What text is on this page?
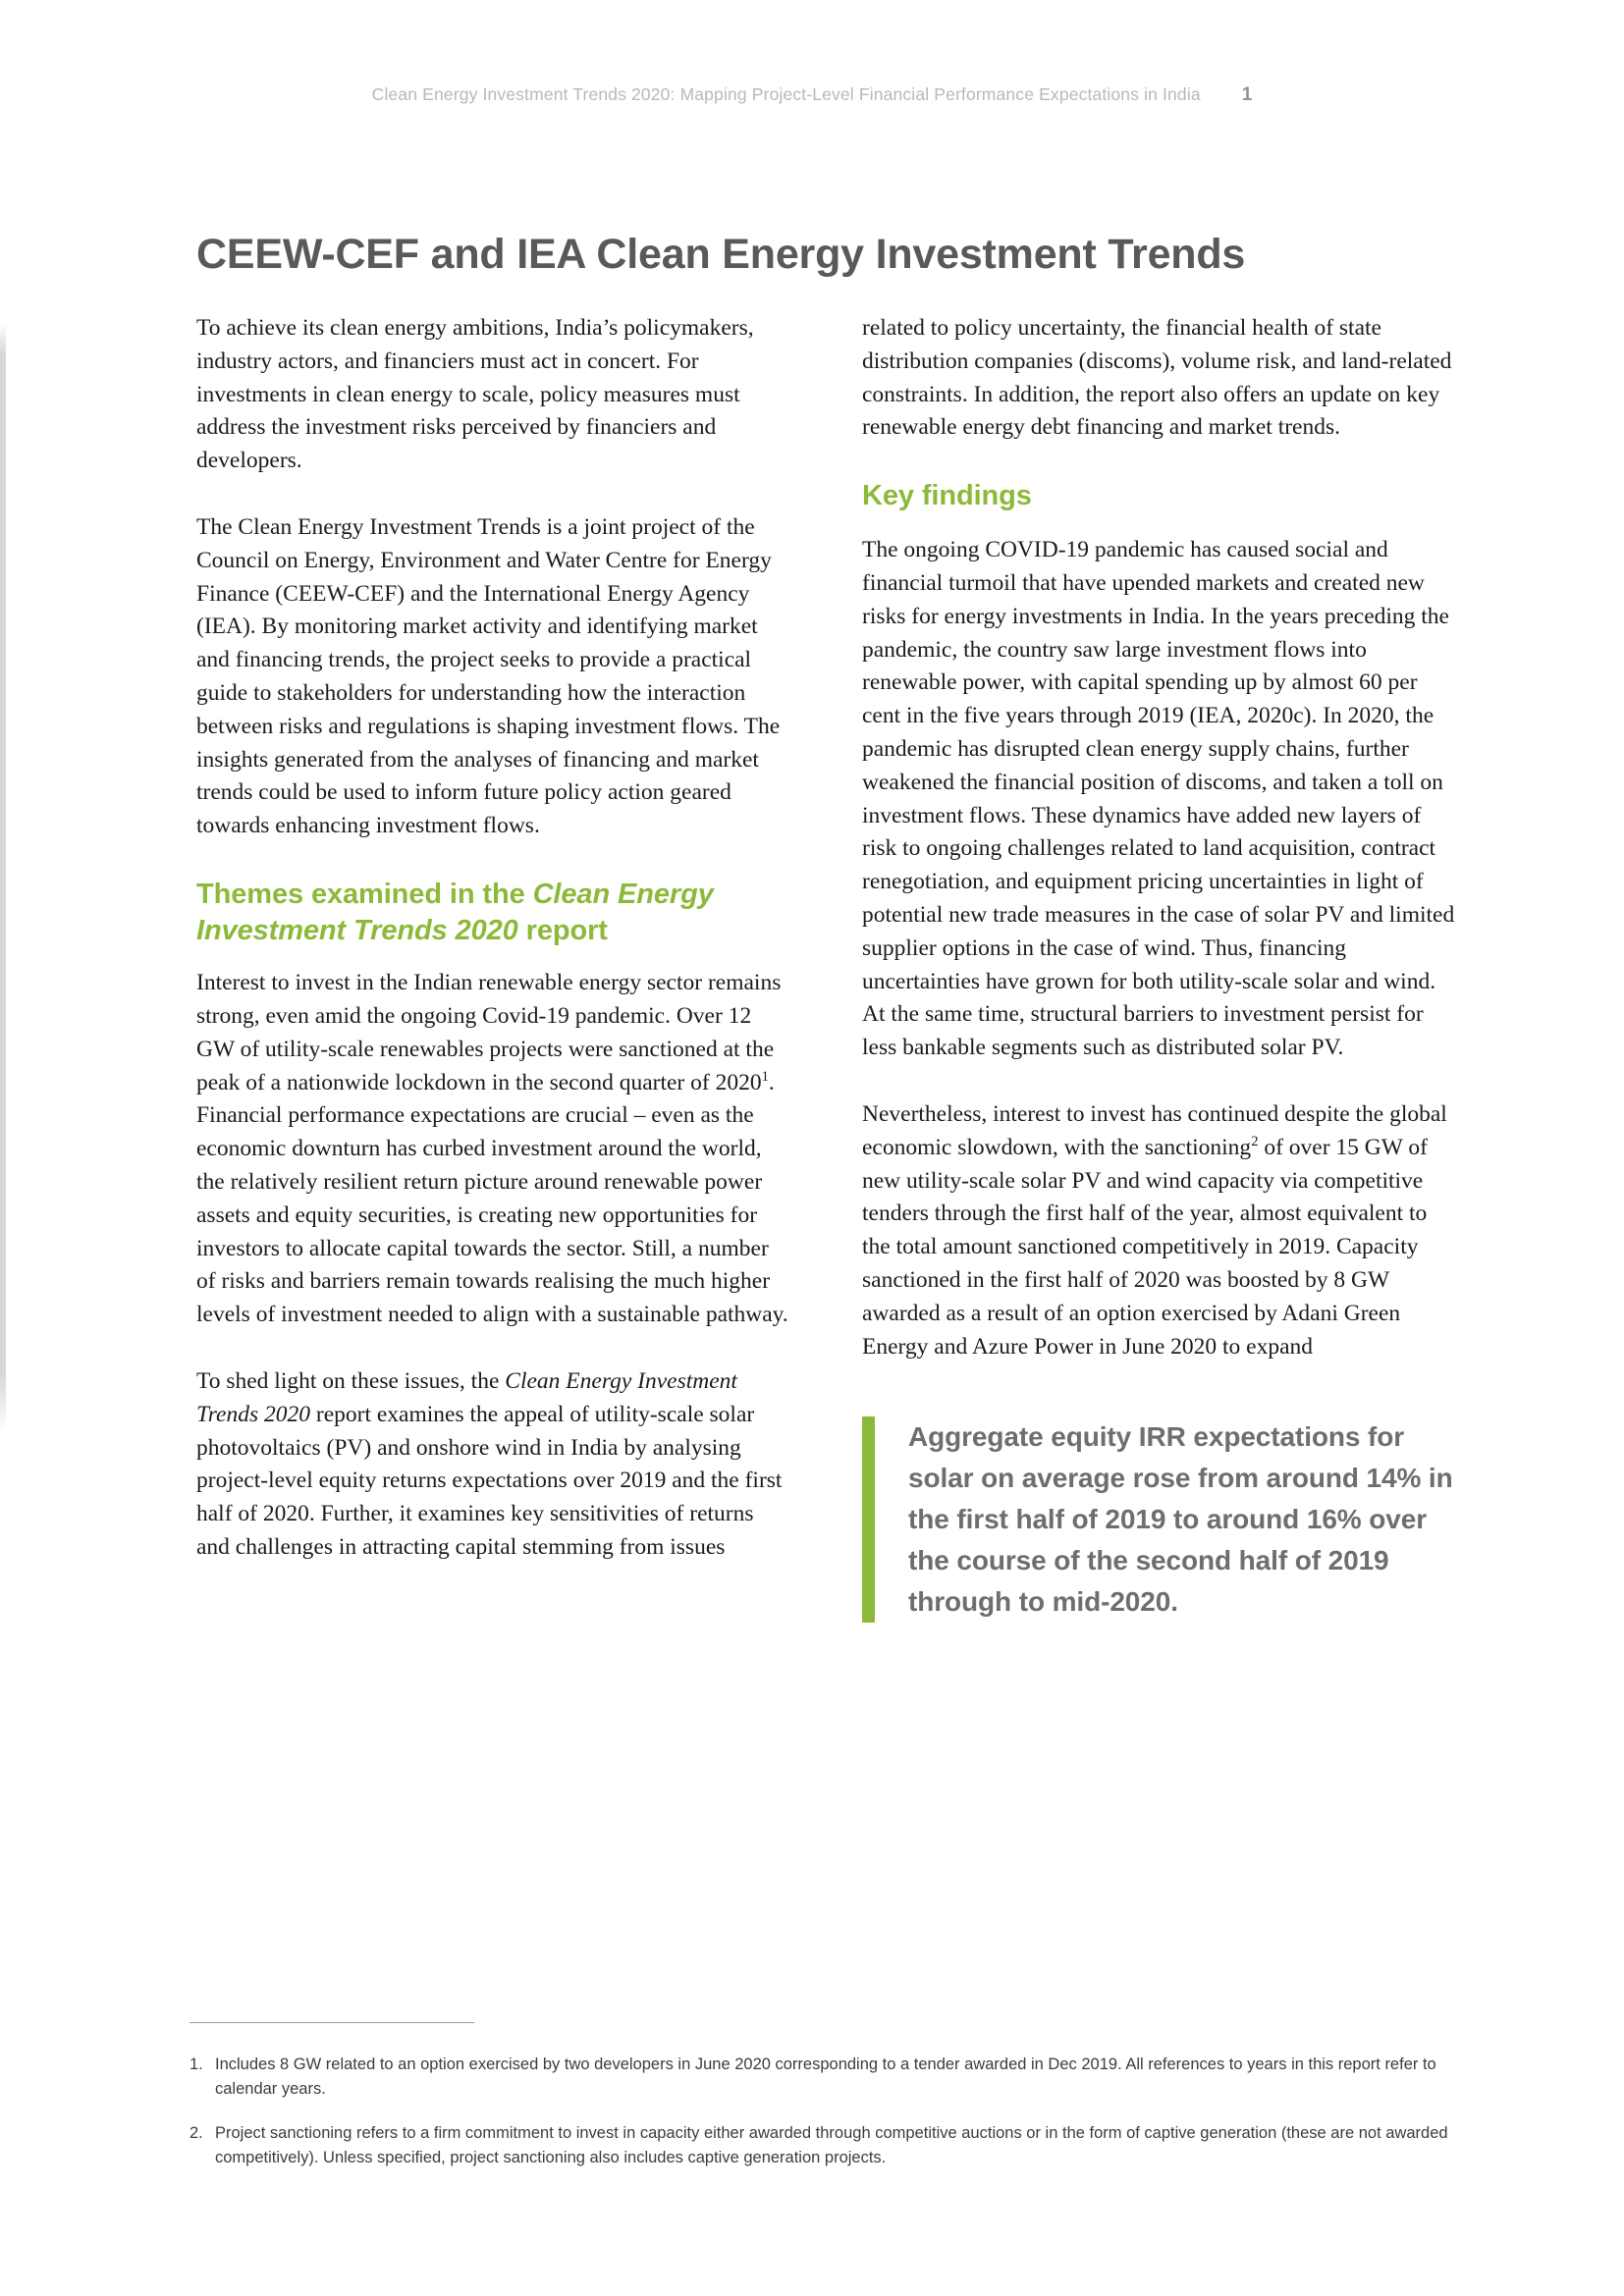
Clean Energy Investment Trends 2020: Mapping Project-Level Financial Performance Expectations in India 1
CEEW-CEF and IEA Clean Energy Investment Trends

To achieve its clean energy ambitions, India’s policymakers, industry actors, and financiers must act in concert. For investments in clean energy to scale, policy measures must address the investment risks perceived by financiers and developers.

The Clean Energy Investment Trends is a joint project of the Council on Energy, Environment and Water Centre for Energy Finance (CEEW-CEF) and the International Energy Agency (IEA). By monitoring market activity and identifying market and financing trends, the project seeks to provide a practical guide to stakeholders for understanding how the interaction between risks and regulations is shaping investment flows. The insights generated from the analyses of financing and market trends could be used to inform future policy action geared towards enhancing investment flows.

Themes examined in the Clean Energy Investment Trends 2020 report

Interest to invest in the Indian renewable energy sector remains strong, even amid the ongoing Covid-19 pandemic. Over 12 GW of utility-scale renewables projects were sanctioned at the peak of a nationwide lockdown in the second quarter of 2020$^1$. Financial performance expectations are crucial – even as the economic downturn has curbed investment around the world, the relatively resilient return picture around renewable power assets and equity securities, is creating new opportunities for investors to allocate capital towards the sector. Still, a number of risks and barriers remain towards realising the much higher levels of investment needed to align with a sustainable pathway.

To shed light on these issues, the Clean Energy Investment Trends 2020 report examines the appeal of utility-scale solar photovoltaics (PV) and onshore wind in India by analysing project-level equity returns expectations over 2019 and the first half of 2020. Further, it examines key sensitivities of returns and challenges in attracting capital stemming from issues

related to policy uncertainty, the financial health of state distribution companies (discoms), volume risk, and land-related constraints. In addition, the report also offers an update on key renewable energy debt financing and market trends.

Key findings

The ongoing COVID-19 pandemic has caused social and financial turmoil that have upended markets and created new risks for energy investments in India. In the years preceding the pandemic, the country saw large investment flows into renewable power, with capital spending up by almost 60 per cent in the five years through 2019 (IEA, 2020c). In 2020, the pandemic has disrupted clean energy supply chains, further weakened the financial position of discoms, and taken a toll on investment flows. These dynamics have added new layers of risk to ongoing challenges related to land acquisition, contract renegotiation, and equipment pricing uncertainties in light of potential new trade measures in the case of solar PV and limited supplier options in the case of wind. Thus, financing uncertainties have grown for both utility-scale solar and wind. At the same time, structural barriers to investment persist for less bankable segments such as distributed solar PV.

Nevertheless, interest to invest has continued despite the global economic slowdown, with the sanctioning$^2$ of over 15 GW of new utility-scale solar PV and wind capacity via competitive tenders through the first half of the year, almost equivalent to the total amount sanctioned competitively in 2019. Capacity sanctioned in the first half of 2020 was boosted by 8 GW awarded as a result of an option exercised by Adani Green Energy and Azure Power in June 2020 to expand

Aggregate equity IRR expectations for solar on average rose from around 14% in the first half of 2019 to around 16% over the course of the second half of 2019 through to mid-2020.
1. Includes 8 GW related to an option exercised by two developers in June 2020 corresponding to a tender awarded in Dec 2019. All references to years in this report refer to calendar years.
2. Project sanctioning refers to a firm commitment to invest in capacity either awarded through competitive auctions or in the form of captive generation (these are not awarded competitively). Unless specified, project sanctioning also includes captive generation projects.
